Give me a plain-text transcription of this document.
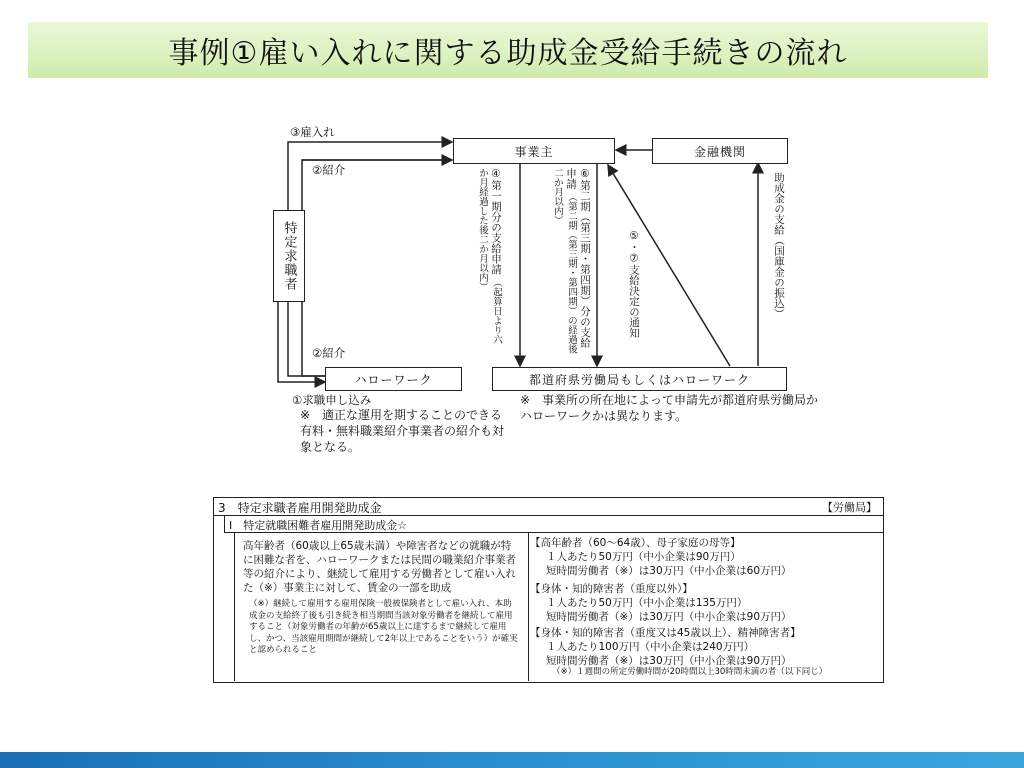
事例①雇い入れに関する助成金受給手続きの流れ
事業主	金融機関
特定求職者
ハローワーク	都道府県労働局もしくはハローワーク
③雇入れ
②紹介
②紹介
①求職申し込み
④第一期分の支給申請 （起算日より六か月経過した後二か月以内）	⑥第二期（第三期・第四期）分の支給申請 （第二期（第三期・第四期）の経過後二か月以内）
⑤・⑦支給決定の通知	助成金の支給（国庫金の振込）
※　適正な運用を期することのできる有料・無料職業紹介事業者の紹介も対象となる。
※　事業所の所在地によって申請先が都道府県労働局かハローワークかは異なります。
3　特定求職者雇用開発助成金	【労働局】
Ⅰ　特定就職困難者雇用開発助成金☆
高年齢者（60歳以上65歳未満）や障害者などの就職が特に困難な者を、ハローワークまたは民間の職業紹介事業者等の紹介により、継続して雇用する労働者として雇い入れた（※）事業主に対して、賃金の一部を助成
（※）継続して雇用する雇用保険一般被保険者として雇い入れ、本助成金の支給終了後も引き続き相当期間当該対象労働者を継続して雇用すること（対象労働者の年齢が65歳以上に達するまで継続して雇用し、かつ、当該雇用期間が継続して2年以上であることをいう）が確実と認められること
【高年齢者（60～64歳）、母子家庭の母等】
１人あたり50万円（中小企業は90万円）
短時間労働者（※）は30万円（中小企業は60万円）
【身体・知的障害者（重度以外）】
１人あたり50万円（中小企業は135万円）
短時間労働者（※）は30万円（中小企業は90万円）
【身体・知的障害者（重度又は45歳以上）、精神障害者】
１人あたり100万円（中小企業は240万円）
短時間労働者（※）は30万円（中小企業は90万円）
（※）１週間の所定労働時間が20時間以上30時間未満の者（以下同じ）
